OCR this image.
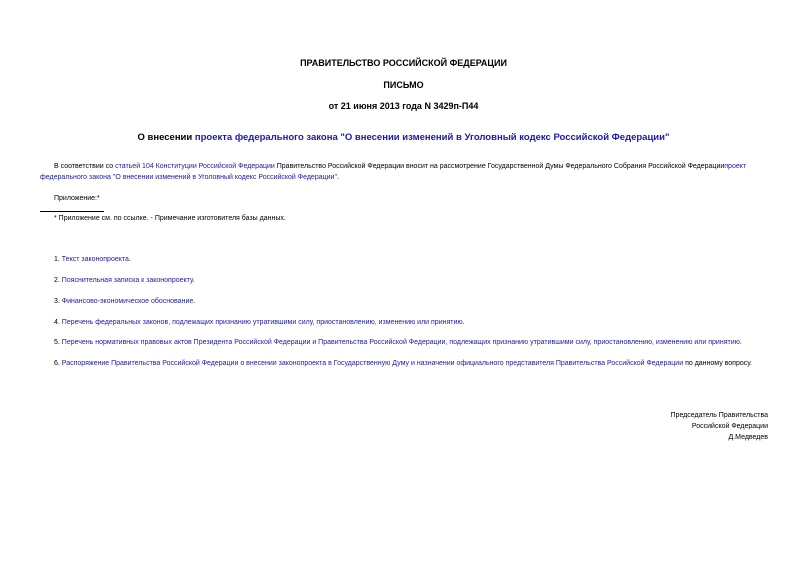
ПРАВИТЕЛЬСТВО РОССИЙСКОЙ ФЕДЕРАЦИИ
ПИСЬМО
от 21 июня 2013 года N 3429п-П44
О внесении проекта федерального закона "О внесении изменений в Уголовный кодекс Российской Федерации"
В соответствии со статьей 104 Конституции Российской Федерации Правительство Российской Федерации вносит на рассмотрение Государственной Думы Федерального Собрания Российской Федерациипроект федерального закона "О внесении изменений в Уголовный кодекс Российской Федерации".
Приложение:*
* Приложение см. по ссылке. - Примечание изготовителя базы данных.
1. Текст законопроекта.
2. Пояснительная записка к законопроекту.
3. Финансово-экономическое обоснование.
4. Перечень федеральных законов, подлежащих признанию утратившими силу, приостановлению, изменению или принятию.
5. Перечень нормативных правовых актов Президента Российской Федерации и Правительства Российской Федерации, подлежащих признанию утратившими силу, приостановлению, изменению или принятию.
6. Распоряжение Правительства Российской Федерации о внесении законопроекта в Государственную Думу и назначении официального представителя Правительства Российской Федерации по данному вопросу.
Председатель Правительства
Российской Федерации
Д.Медведев
